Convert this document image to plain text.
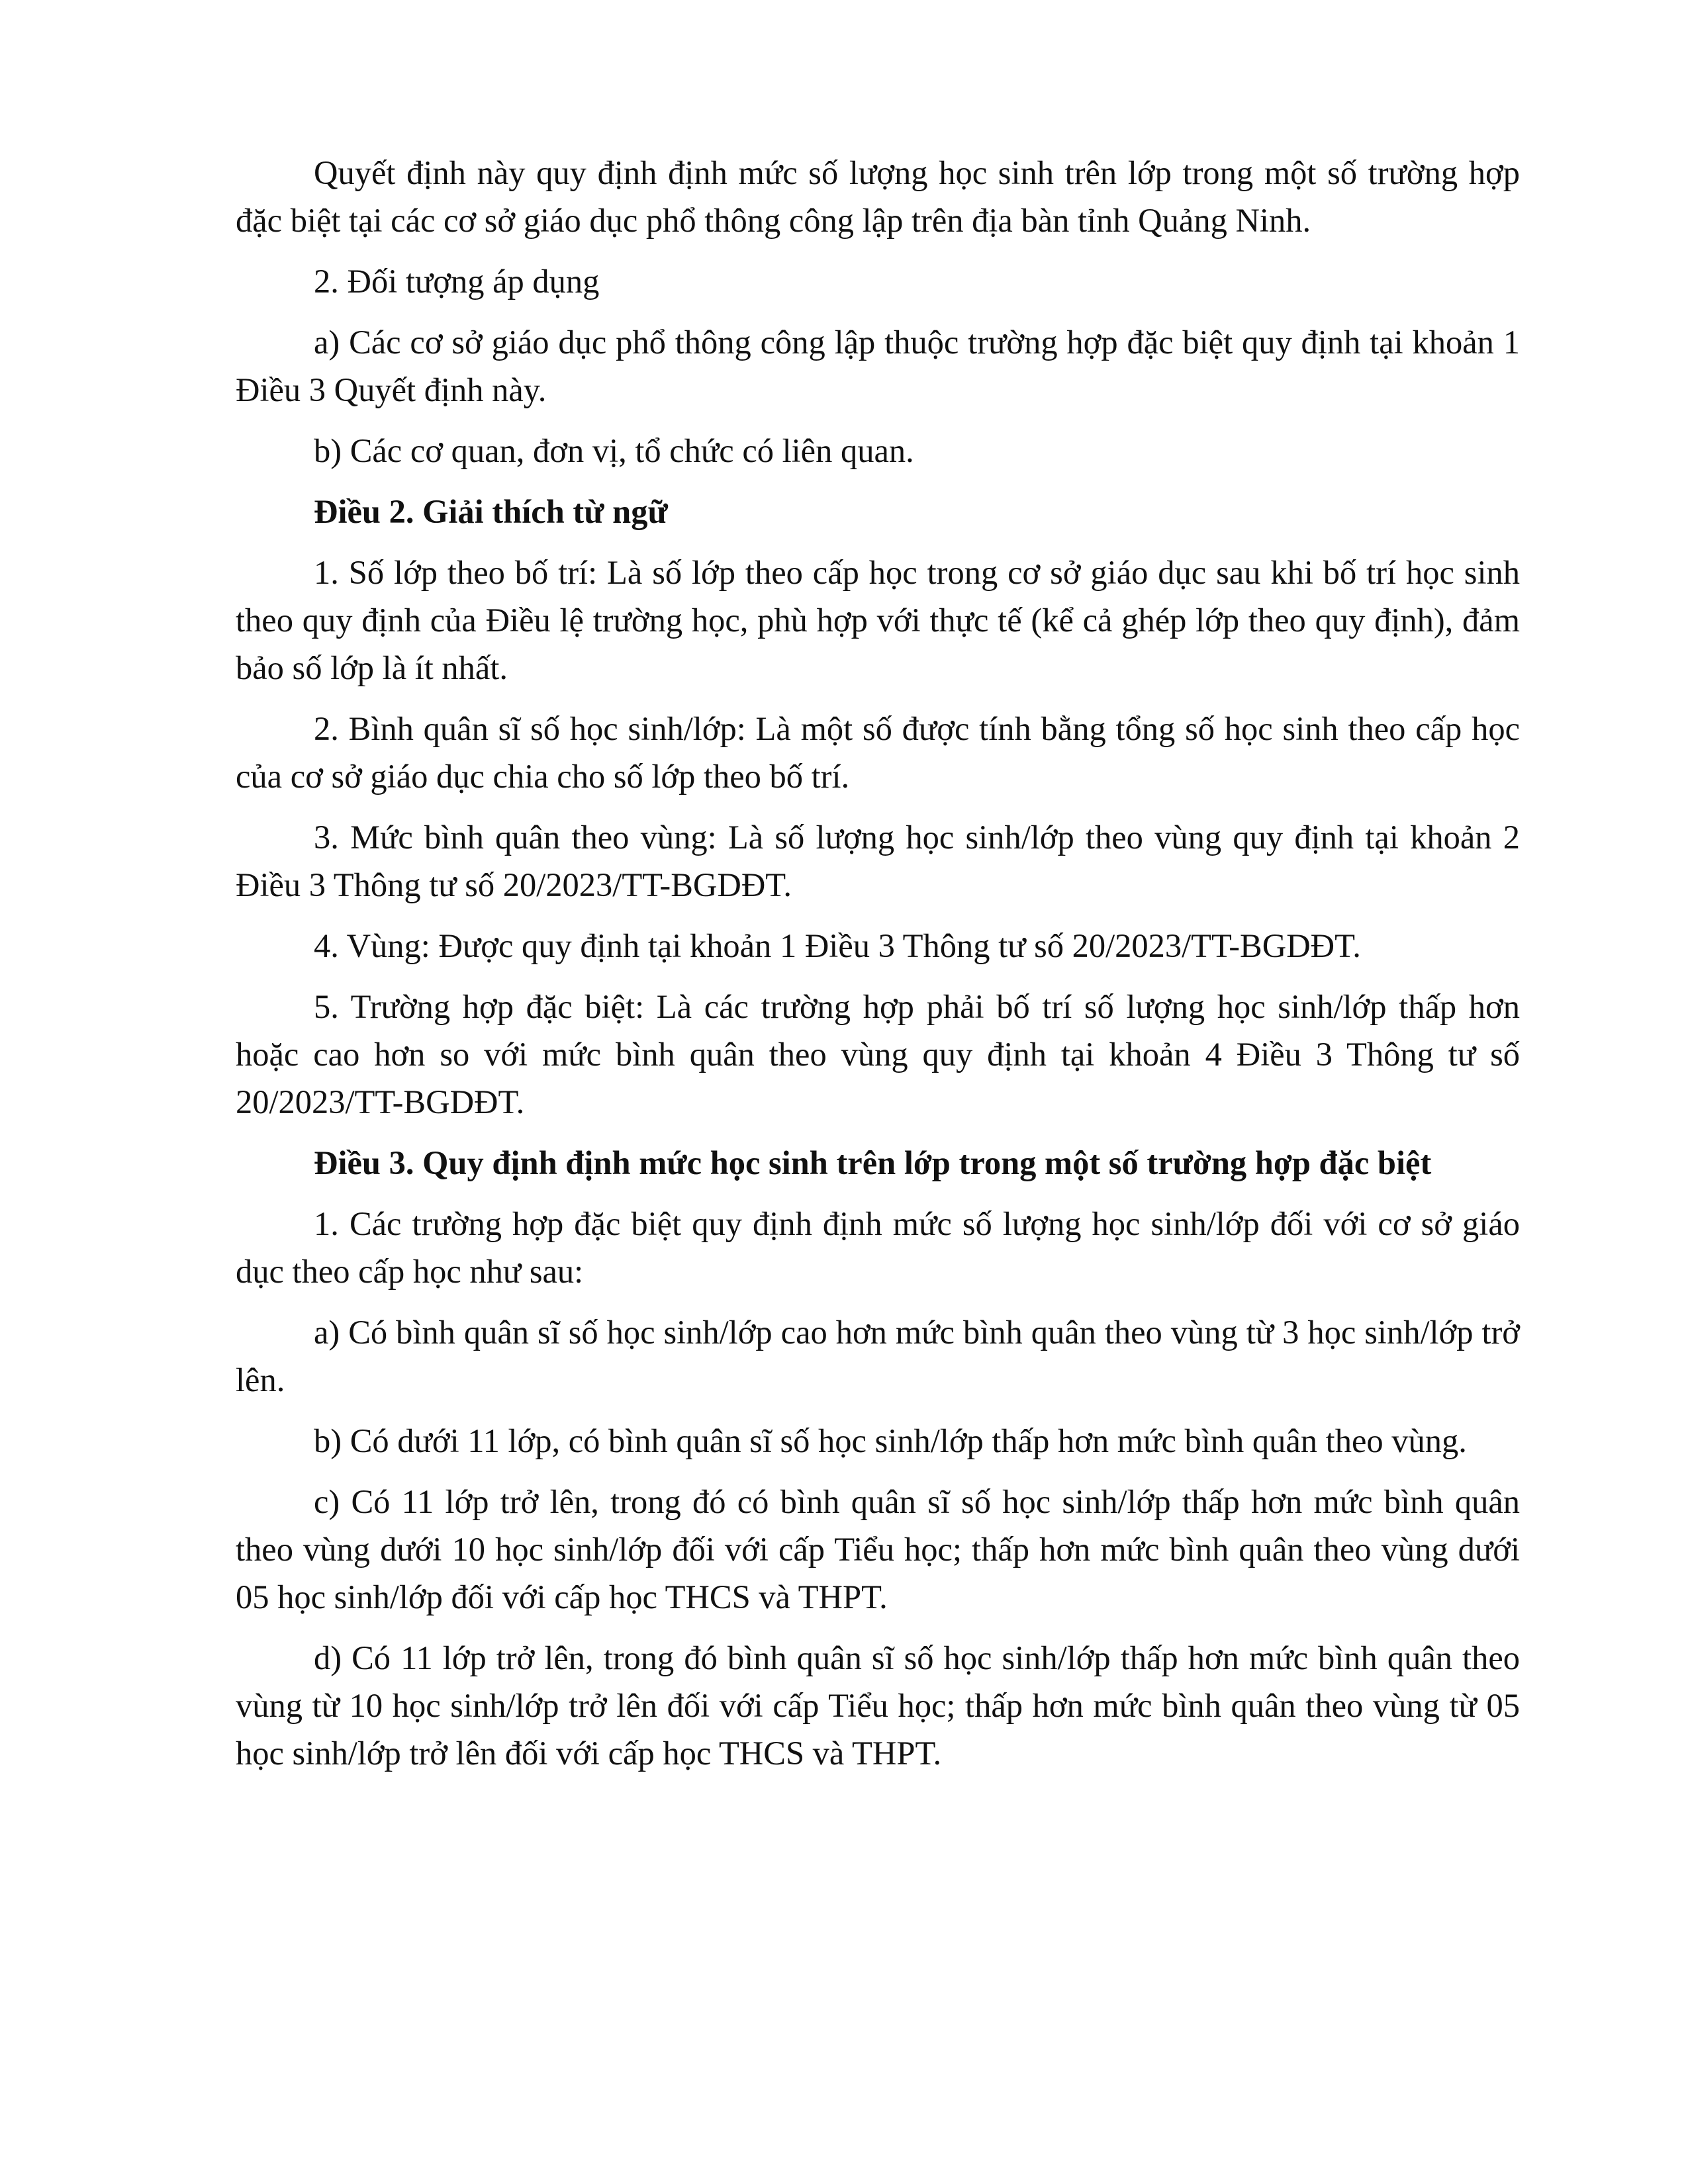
Quyết định này quy định định mức số lượng học sinh trên lớp trong một số trường hợp đặc biệt tại các cơ sở giáo dục phổ thông công lập trên địa bàn tỉnh Quảng Ninh.

2. Đối tượng áp dụng

a) Các cơ sở giáo dục phổ thông công lập thuộc trường hợp đặc biệt quy định tại khoản 1 Điều 3 Quyết định này.

b) Các cơ quan, đơn vị, tổ chức có liên quan.

Điều 2. Giải thích từ ngữ

1. Số lớp theo bố trí: Là số lớp theo cấp học trong cơ sở giáo dục sau khi bố trí học sinh theo quy định của Điều lệ trường học, phù hợp với thực tế (kể cả ghép lớp theo quy định), đảm bảo số lớp là ít nhất.

2. Bình quân sĩ số học sinh/lớp: Là một số được tính bằng tổng số học sinh theo cấp học của cơ sở giáo dục chia cho số lớp theo bố trí.

3. Mức bình quân theo vùng: Là số lượng học sinh/lớp theo vùng quy định tại khoản 2 Điều 3 Thông tư số 20/2023/TT-BGDĐT.

4. Vùng: Được quy định tại khoản 1 Điều 3 Thông tư số 20/2023/TT-BGDĐT.

5. Trường hợp đặc biệt: Là các trường hợp phải bố trí số lượng học sinh/lớp thấp hơn hoặc cao hơn so với mức bình quân theo vùng quy định tại khoản 4 Điều 3 Thông tư số 20/2023/TT-BGDĐT.

Điều 3. Quy định định mức học sinh trên lớp trong một số trường hợp đặc biệt

1. Các trường hợp đặc biệt quy định định mức số lượng học sinh/lớp đối với cơ sở giáo dục theo cấp học như sau:

a) Có bình quân sĩ số học sinh/lớp cao hơn mức bình quân theo vùng từ 3 học sinh/lớp trở lên.

b) Có dưới 11 lớp, có bình quân sĩ số học sinh/lớp thấp hơn mức bình quân theo vùng.

c) Có 11 lớp trở lên, trong đó có bình quân sĩ số học sinh/lớp thấp hơn mức bình quân theo vùng dưới 10 học sinh/lớp đối với cấp Tiểu học; thấp hơn mức bình quân theo vùng dưới 05 học sinh/lớp đối với cấp học THCS và THPT.

d) Có 11 lớp trở lên, trong đó bình quân sĩ số học sinh/lớp thấp hơn mức bình quân theo vùng từ 10 học sinh/lớp trở lên đối với cấp Tiểu học; thấp hơn mức bình quân theo vùng từ 05 học sinh/lớp trở lên đối với cấp học THCS và THPT.
